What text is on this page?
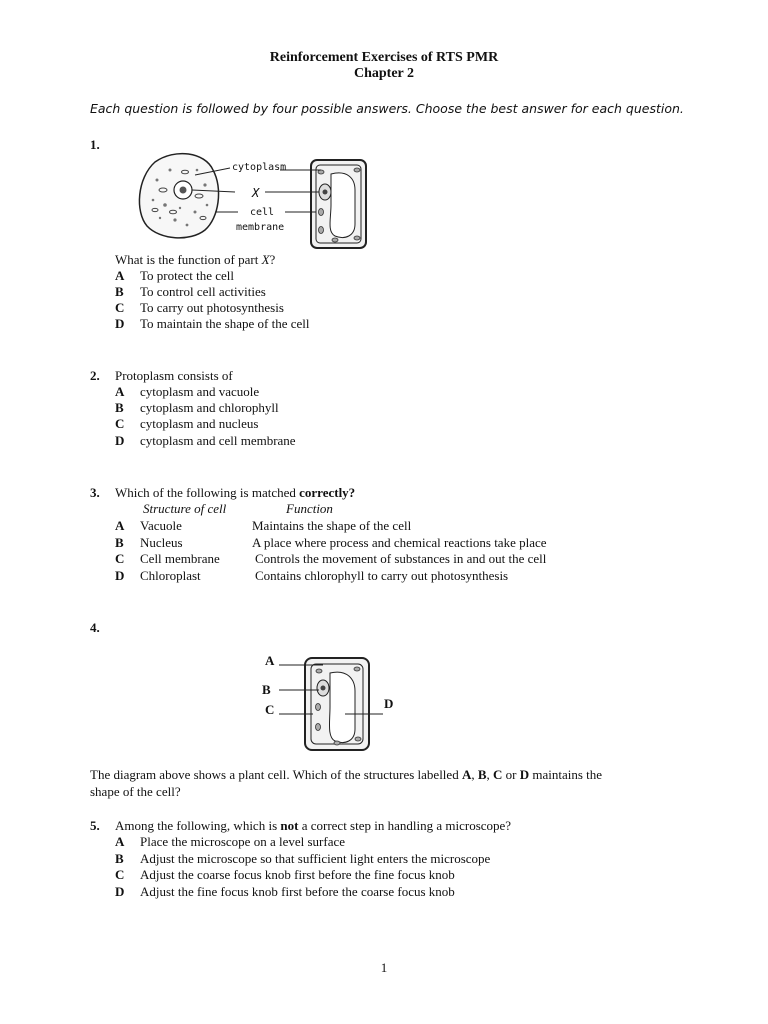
Reinforcement Exercises of RTS PMR
Chapter 2
Each question is followed by four possible answers. Choose the best answer for each question.
1.
cytoplasm
X
cell
membrane
What is the function of part X?
A To protect the cell
B To control cell activities
C To carry out photosynthesis
D To maintain the shape of the cell
2. Protoplasm consists of
A cytoplasm and vacuole
B cytoplasm and chlorophyll
C cytoplasm and nucleus
D cytoplasm and cell membrane
3. Which of the following is matched correctly?
Structure of cell	Function
A Vacuole	Maintains the shape of the cell
B Nucleus	A place where process and chemical reactions take place
C Cell membrane	Controls the movement of substances in and out the cell
D Chloroplast	Contains chlorophyll to carry out photosynthesis
4.
A
B
C	D
The diagram above shows a plant cell. Which of the structures labelled A, B, C or D maintains the
shape of the cell?
5. Among the following, which is not a correct step in handling a microscope?
A Place the microscope on a level surface
B Adjust the microscope so that sufficient light enters the microscope
C Adjust the coarse focus knob first before the fine focus knob
D Adjust the fine focus knob first before the coarse focus knob
1
